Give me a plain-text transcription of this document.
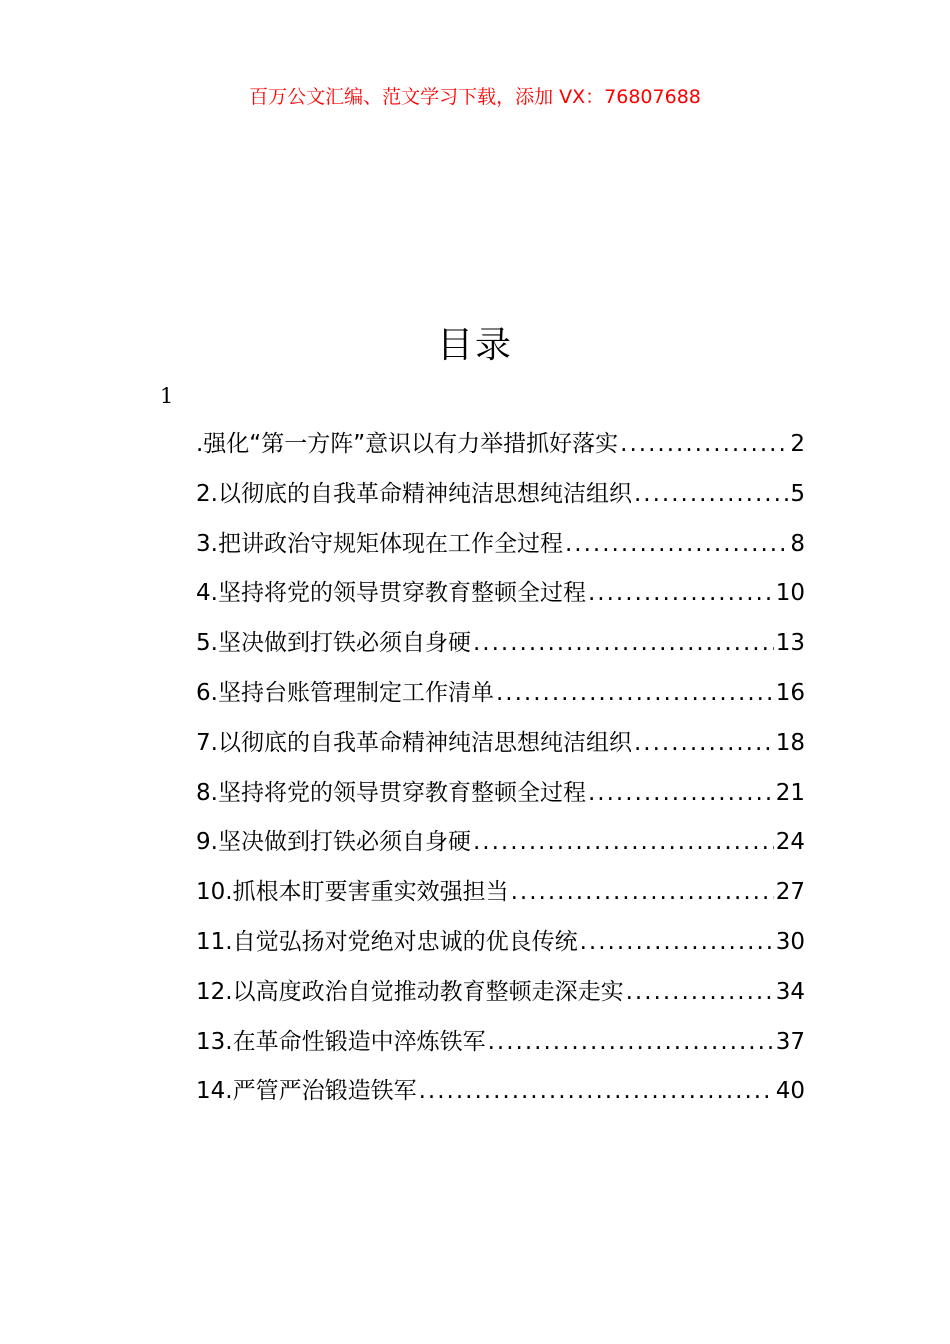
百万公文汇编、范文学习下载，添加 VX：76807688
目录
1
.强化“第一方阵”意识以有力举措抓好落实 .....	2
2.以彻底的自我革命精神纯洁思想纯洁组织 .....	5
3.把讲政治守规矩体现在工作全过程 .....	8
4.坚持将党的领导贯穿教育整顿全过程 .....	10
5.坚决做到打铁必须自身硬 .....	13
6.坚持台账管理制定工作清单 .....	16
7.以彻底的自我革命精神纯洁思想纯洁组织 .....	18
8.坚持将党的领导贯穿教育整顿全过程 .....	21
9.坚决做到打铁必须自身硬 .....	24
10.抓根本盯要害重实效强担当 .....	27
11.自觉弘扬对党绝对忠诚的优良传统 .....	30
12.以高度政治自觉推动教育整顿走深走实 .....	34
13.在革命性锻造中淬炼铁军 .....	37
14.严管严治锻造铁军 .....	40
